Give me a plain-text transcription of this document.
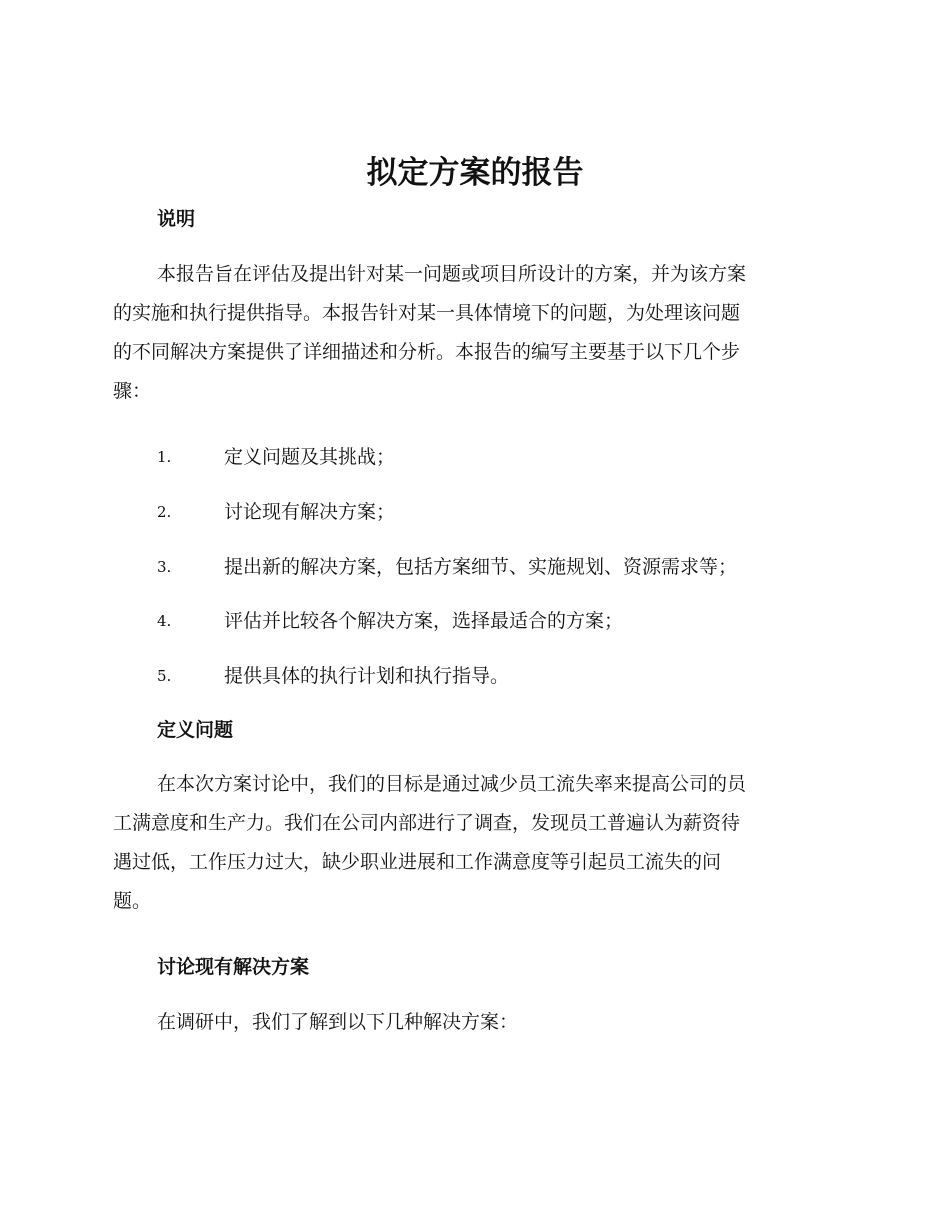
拟定方案的报告
说明
本报告旨在评估及提出针对某一问题或项目所设计的方案，并为该方案
的实施和执行提供指导。本报告针对某一具体情境下的问题，为处理该问题
的不同解决方案提供了详细描述和分析。本报告的编写主要基于以下几个步
骤：
1.	定义问题及其挑战；
2.	讨论现有解决方案；
3.	提出新的解决方案，包括方案细节、实施规划、资源需求等；
4.	评估并比较各个解决方案，选择最适合的方案；
5.	提供具体的执行计划和执行指导。
定义问题
在本次方案讨论中，我们的目标是通过减少员工流失率来提高公司的员
工满意度和生产力。我们在公司内部进行了调查，发现员工普遍认为薪资待
遇过低，工作压力过大，缺少职业进展和工作满意度等引起员工流失的问
题。
讨论现有解决方案
在调研中，我们了解到以下几种解决方案：
